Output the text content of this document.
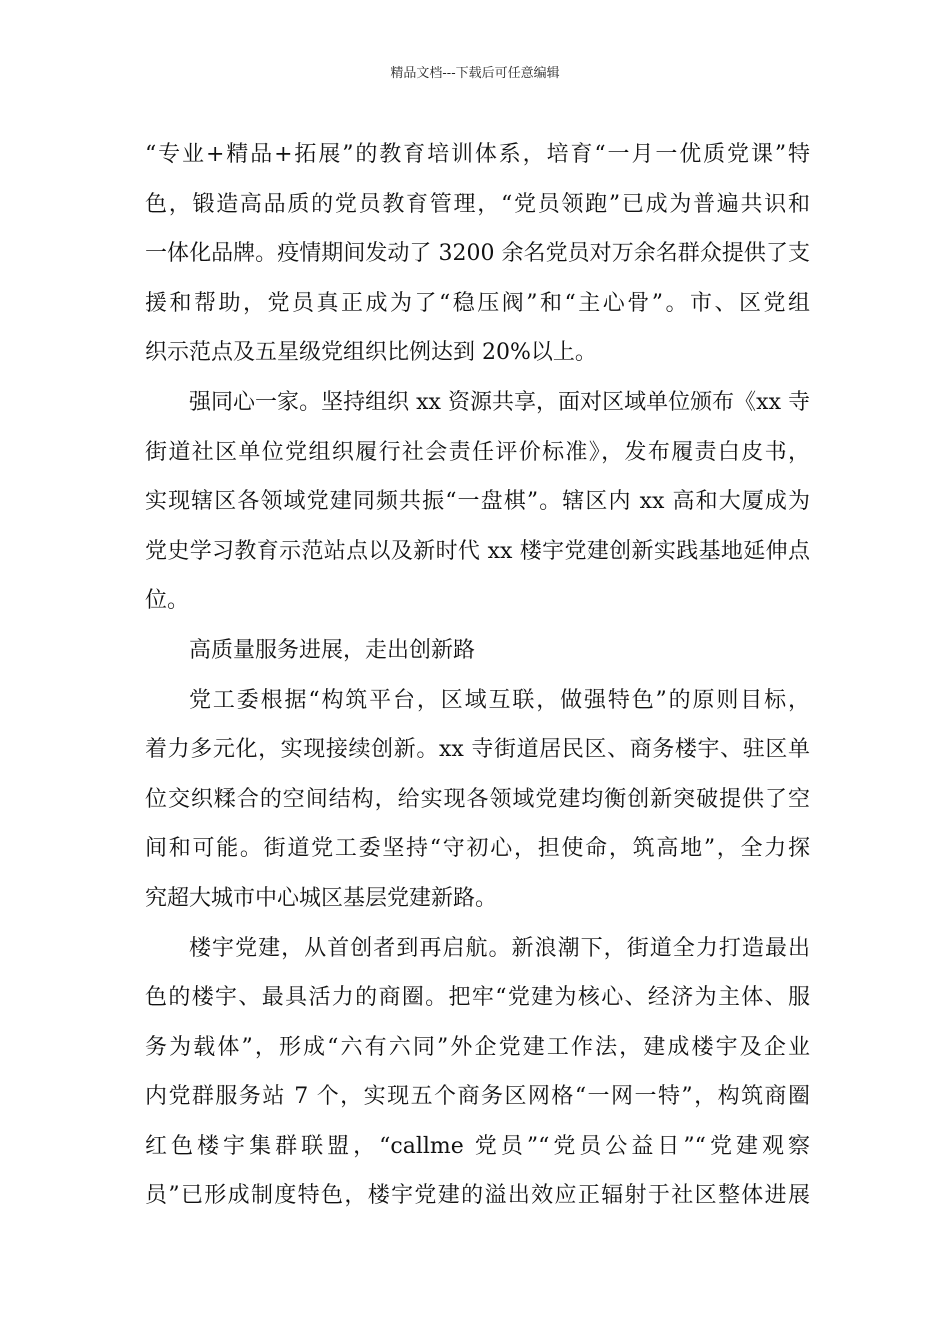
精品文档---下载后可任意编辑

“专业+精品+拓展”的教育培训体系，培育“一月一优质党课”特
色，锻造高品质的党员教育管理，“党员领跑”已成为普遍共识和
一体化品牌。疫情期间发动了 3200 余名党员对万余名群众提供了支
援和帮助，党员真正成为了“稳压阀”和“主心骨”。市、区党组
织示范点及五星级党组织比例达到 20%以上。

强同心一家。坚持组织 xx 资源共享，面对区域单位颁布《xx 寺
街道社区单位党组织履行社会责任评价标准》，发布履责白皮书，
实现辖区各领域党建同频共振“一盘棋”。辖区内 xx 高和大厦成为
党史学习教育示范站点以及新时代 xx 楼宇党建创新实践基地延伸点
位。

高质量服务进展，走出创新路

党工委根据“构筑平台，区域互联，做强特色”的原则目标，
着力多元化，实现接续创新。xx 寺街道居民区、商务楼宇、驻区单
位交织糅合的空间结构，给实现各领域党建均衡创新突破提供了空
间和可能。街道党工委坚持“守初心，担使命，筑高地”，全力探
究超大城市中心城区基层党建新路。

楼宇党建，从首创者到再启航。新浪潮下，街道全力打造最出
色的楼宇、最具活力的商圈。把牢“党建为核心、经济为主体、服
务为载体”，形成“六有六同”外企党建工作法，建成楼宇及企业
内党群服务站 7 个，实现五个商务区网格“一网一特”，构筑商圈
红色楼宇集群联盟，“callme 党员”“党员公益日”“党建观察
员”已形成制度特色，楼宇党建的溢出效应正辐射于社区整体进展
